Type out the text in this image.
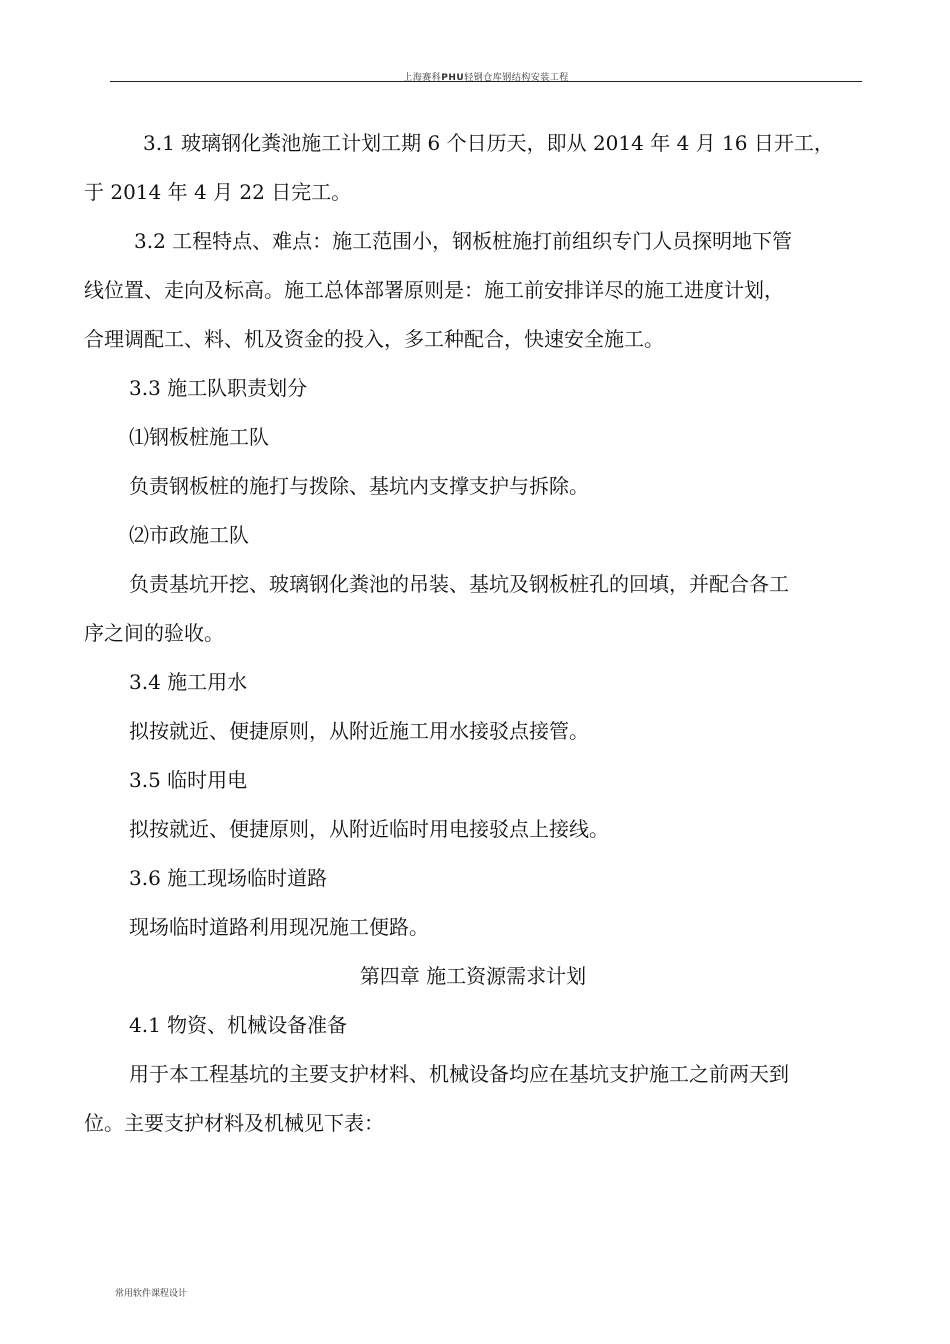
上海赛科PHU轻钢仓库钢结构安装工程

3.1 玻璃钢化粪池施工计划工期 6 个日历天，即从 2014 年 4 月 16 日开工，

于 2014 年 4 月 22 日完工。

3.2 工程特点、难点：施工范围小，钢板桩施打前组织专门人员探明地下管

线位置、走向及标高。施工总体部署原则是：施工前安排详尽的施工进度计划，

合理调配工、料、机及资金的投入，多工种配合，快速安全施工。

3.3 施工队职责划分

⑴钢板桩施工队

负责钢板桩的施打与拨除、基坑内支撑支护与拆除。

⑵市政施工队

负责基坑开挖、玻璃钢化粪池的吊装、基坑及钢板桩孔的回填，并配合各工

序之间的验收。

3.4 施工用水

拟按就近、便捷原则，从附近施工用水接驳点接管。

3.5 临时用电

拟按就近、便捷原则，从附近临时用电接驳点上接线。

3.6 施工现场临时道路

现场临时道路利用现况施工便路。

第四章 施工资源需求计划

4.1 物资、机械设备准备

用于本工程基坑的主要支护材料、机械设备均应在基坑支护施工之前两天到

位。主要支护材料及机械见下表：

常用软件课程设计
